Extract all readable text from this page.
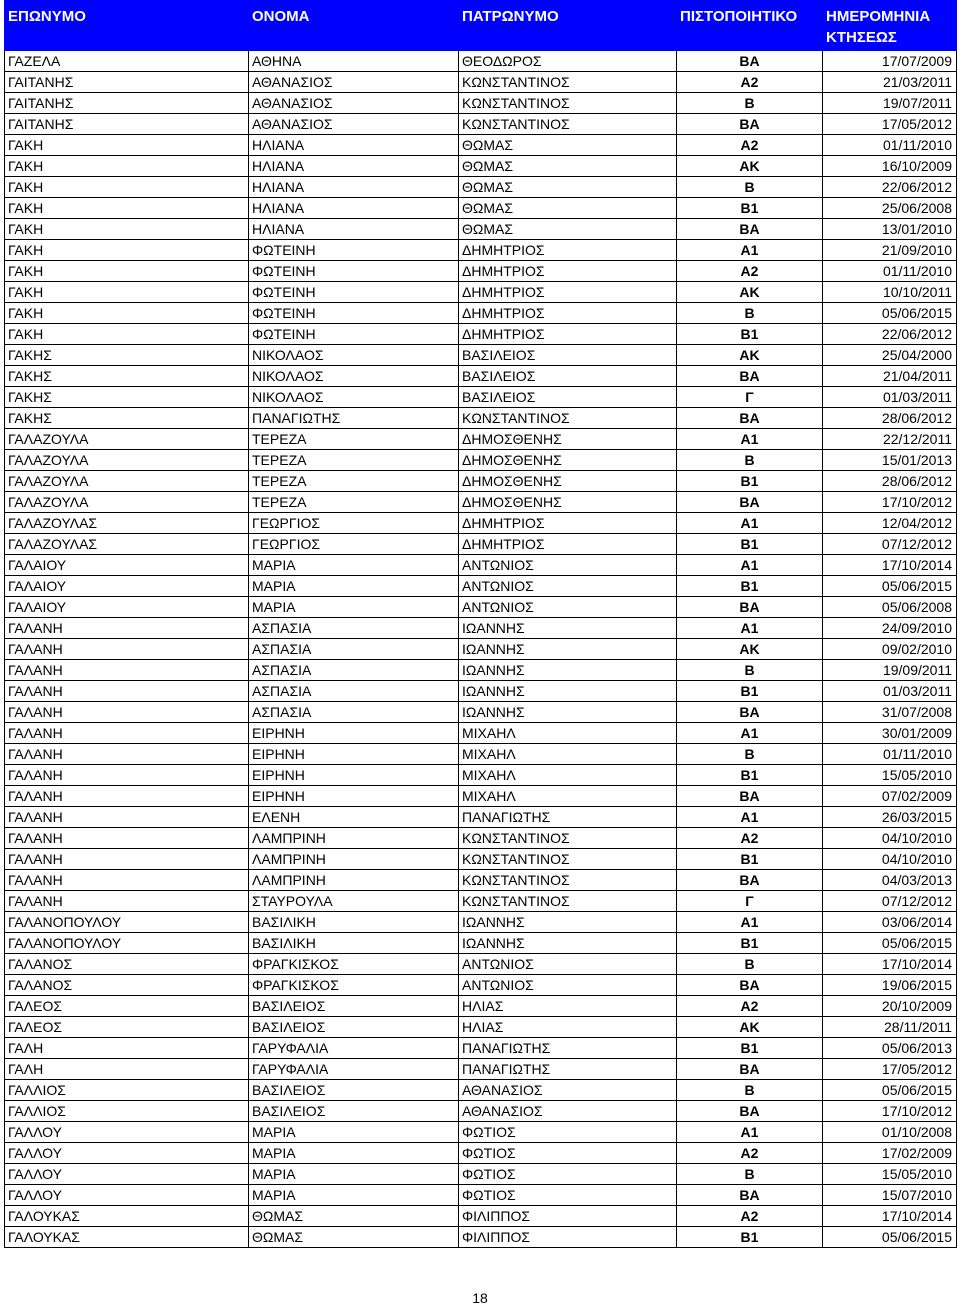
ΕΠΩΝΥΜΟ	ΟΝΟΜΑ	ΠΑΤΡΩΝΥΜΟ	ΠΙΣΤΟΠΟΙΗΤΙΚΟ	ΗΜΕΡΟΜΗΝΙΑ ΚΤΗΣΕΩΣ
ΓΑΖΕΛΑ	ΑΘΗΝΑ	ΘΕΟΔΩΡΟΣ	ΒΑ	17/07/2009
ΓΑΙΤΑΝΗΣ	ΑΘΑΝΑΣΙΟΣ	ΚΩΝΣΤΑΝΤΙΝΟΣ	Α2	21/03/2011
ΓΑΙΤΑΝΗΣ	ΑΘΑΝΑΣΙΟΣ	ΚΩΝΣΤΑΝΤΙΝΟΣ	Β	19/07/2011
ΓΑΙΤΑΝΗΣ	ΑΘΑΝΑΣΙΟΣ	ΚΩΝΣΤΑΝΤΙΝΟΣ	ΒΑ	17/05/2012
ΓΑΚΗ	ΗΛΙΑΝΑ	ΘΩΜΑΣ	Α2	01/11/2010
ΓΑΚΗ	ΗΛΙΑΝΑ	ΘΩΜΑΣ	ΑΚ	16/10/2009
ΓΑΚΗ	ΗΛΙΑΝΑ	ΘΩΜΑΣ	Β	22/06/2012
ΓΑΚΗ	ΗΛΙΑΝΑ	ΘΩΜΑΣ	Β1	25/06/2008
ΓΑΚΗ	ΗΛΙΑΝΑ	ΘΩΜΑΣ	ΒΑ	13/01/2010
ΓΑΚΗ	ΦΩΤΕΙΝΗ	ΔΗΜΗΤΡΙΟΣ	Α1	21/09/2010
ΓΑΚΗ	ΦΩΤΕΙΝΗ	ΔΗΜΗΤΡΙΟΣ	Α2	01/11/2010
ΓΑΚΗ	ΦΩΤΕΙΝΗ	ΔΗΜΗΤΡΙΟΣ	ΑΚ	10/10/2011
ΓΑΚΗ	ΦΩΤΕΙΝΗ	ΔΗΜΗΤΡΙΟΣ	Β	05/06/2015
ΓΑΚΗ	ΦΩΤΕΙΝΗ	ΔΗΜΗΤΡΙΟΣ	Β1	22/06/2012
ΓΑΚΗΣ	ΝΙΚΟΛΑΟΣ	ΒΑΣΙΛΕΙΟΣ	ΑΚ	25/04/2000
ΓΑΚΗΣ	ΝΙΚΟΛΑΟΣ	ΒΑΣΙΛΕΙΟΣ	ΒΑ	21/04/2011
ΓΑΚΗΣ	ΝΙΚΟΛΑΟΣ	ΒΑΣΙΛΕΙΟΣ	Γ	01/03/2011
ΓΑΚΗΣ	ΠΑΝΑΓΙΩΤΗΣ	ΚΩΝΣΤΑΝΤΙΝΟΣ	ΒΑ	28/06/2012
ΓΑΛΑΖΟΥΛΑ	ΤΕΡΕΖΑ	ΔΗΜΟΣΘΕΝΗΣ	Α1	22/12/2011
ΓΑΛΑΖΟΥΛΑ	ΤΕΡΕΖΑ	ΔΗΜΟΣΘΕΝΗΣ	Β	15/01/2013
ΓΑΛΑΖΟΥΛΑ	ΤΕΡΕΖΑ	ΔΗΜΟΣΘΕΝΗΣ	Β1	28/06/2012
ΓΑΛΑΖΟΥΛΑ	ΤΕΡΕΖΑ	ΔΗΜΟΣΘΕΝΗΣ	ΒΑ	17/10/2012
ΓΑΛΑΖΟΥΛΑΣ	ΓΕΩΡΓΙΟΣ	ΔΗΜΗΤΡΙΟΣ	Α1	12/04/2012
ΓΑΛΑΖΟΥΛΑΣ	ΓΕΩΡΓΙΟΣ	ΔΗΜΗΤΡΙΟΣ	Β1	07/12/2012
ΓΑΛΑΙΟΥ	ΜΑΡΙΑ	ΑΝΤΩΝΙΟΣ	Α1	17/10/2014
ΓΑΛΑΙΟΥ	ΜΑΡΙΑ	ΑΝΤΩΝΙΟΣ	Β1	05/06/2015
ΓΑΛΑΙΟΥ	ΜΑΡΙΑ	ΑΝΤΩΝΙΟΣ	ΒΑ	05/06/2008
ΓΑΛΑΝΗ	ΑΣΠΑΣΙΑ	ΙΩΑΝΝΗΣ	Α1	24/09/2010
ΓΑΛΑΝΗ	ΑΣΠΑΣΙΑ	ΙΩΑΝΝΗΣ	ΑΚ	09/02/2010
ΓΑΛΑΝΗ	ΑΣΠΑΣΙΑ	ΙΩΑΝΝΗΣ	Β	19/09/2011
ΓΑΛΑΝΗ	ΑΣΠΑΣΙΑ	ΙΩΑΝΝΗΣ	Β1	01/03/2011
ΓΑΛΑΝΗ	ΑΣΠΑΣΙΑ	ΙΩΑΝΝΗΣ	ΒΑ	31/07/2008
ΓΑΛΑΝΗ	ΕΙΡΗΝΗ	ΜΙΧΑΗΛ	Α1	30/01/2009
ΓΑΛΑΝΗ	ΕΙΡΗΝΗ	ΜΙΧΑΗΛ	Β	01/11/2010
ΓΑΛΑΝΗ	ΕΙΡΗΝΗ	ΜΙΧΑΗΛ	Β1	15/05/2010
ΓΑΛΑΝΗ	ΕΙΡΗΝΗ	ΜΙΧΑΗΛ	ΒΑ	07/02/2009
ΓΑΛΑΝΗ	ΕΛΕΝΗ	ΠΑΝΑΓΙΩΤΗΣ	Α1	26/03/2015
ΓΑΛΑΝΗ	ΛΑΜΠΡΙΝΗ	ΚΩΝΣΤΑΝΤΙΝΟΣ	Α2	04/10/2010
ΓΑΛΑΝΗ	ΛΑΜΠΡΙΝΗ	ΚΩΝΣΤΑΝΤΙΝΟΣ	Β1	04/10/2010
ΓΑΛΑΝΗ	ΛΑΜΠΡΙΝΗ	ΚΩΝΣΤΑΝΤΙΝΟΣ	ΒΑ	04/03/2013
ΓΑΛΑΝΗ	ΣΤΑΥΡΟΥΛΑ	ΚΩΝΣΤΑΝΤΙΝΟΣ	Γ	07/12/2012
ΓΑΛΑΝΟΠΟΥΛΟΥ	ΒΑΣΙΛΙΚΗ	ΙΩΑΝΝΗΣ	Α1	03/06/2014
ΓΑΛΑΝΟΠΟΥΛΟΥ	ΒΑΣΙΛΙΚΗ	ΙΩΑΝΝΗΣ	Β1	05/06/2015
ΓΑΛΑΝΟΣ	ΦΡΑΓΚΙΣΚΟΣ	ΑΝΤΩΝΙΟΣ	Β	17/10/2014
ΓΑΛΑΝΟΣ	ΦΡΑΓΚΙΣΚΟΣ	ΑΝΤΩΝΙΟΣ	ΒΑ	19/06/2015
ΓΑΛΕΟΣ	ΒΑΣΙΛΕΙΟΣ	ΗΛΙΑΣ	Α2	20/10/2009
ΓΑΛΕΟΣ	ΒΑΣΙΛΕΙΟΣ	ΗΛΙΑΣ	ΑΚ	28/11/2011
ΓΑΛΗ	ΓΑΡΥΦΑΛΙΑ	ΠΑΝΑΓΙΩΤΗΣ	Β1	05/06/2013
ΓΑΛΗ	ΓΑΡΥΦΑΛΙΑ	ΠΑΝΑΓΙΩΤΗΣ	ΒΑ	17/05/2012
ΓΑΛΛΙΟΣ	ΒΑΣΙΛΕΙΟΣ	ΑΘΑΝΑΣΙΟΣ	Β	05/06/2015
ΓΑΛΛΙΟΣ	ΒΑΣΙΛΕΙΟΣ	ΑΘΑΝΑΣΙΟΣ	ΒΑ	17/10/2012
ΓΑΛΛΟΥ	ΜΑΡΙΑ	ΦΩΤΙΟΣ	Α1	01/10/2008
ΓΑΛΛΟΥ	ΜΑΡΙΑ	ΦΩΤΙΟΣ	Α2	17/02/2009
ΓΑΛΛΟΥ	ΜΑΡΙΑ	ΦΩΤΙΟΣ	Β	15/05/2010
ΓΑΛΛΟΥ	ΜΑΡΙΑ	ΦΩΤΙΟΣ	ΒΑ	15/07/2010
ΓΑΛΟΥΚΑΣ	ΘΩΜΑΣ	ΦΙΛΙΠΠΟΣ	Α2	17/10/2014
ΓΑΛΟΥΚΑΣ	ΘΩΜΑΣ	ΦΙΛΙΠΠΟΣ	Β1	05/06/2015
18
